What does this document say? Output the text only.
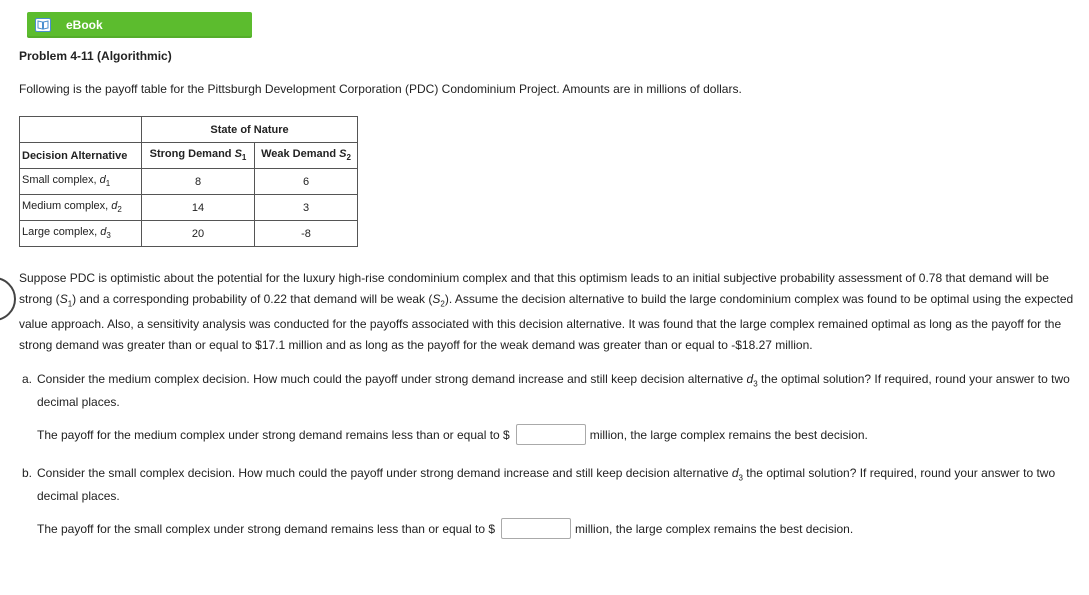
eBook
Problem 4-11 (Algorithmic)
Following is the payoff table for the Pittsburgh Development Corporation (PDC) Condominium Project. Amounts are in millions of dollars.
	State of Nature	
Decision Alternative	Strong Demand $S_1$	Weak Demand $S_2$
Small complex, $d_1$	8	6
Medium complex, $d_2$	14	3
Large complex, $d_3$	20	-8
Suppose PDC is optimistic about the potential for the luxury high-rise condominium complex and that this optimism leads to an initial subjective probability assessment of 0.78 that demand will be strong $(S_1)$ and a corresponding probability of 0.22 that demand will be weak $(S_2)$. Assume the decision alternative to build the large condominium complex was found to be optimal using the expected value approach. Also, a sensitivity analysis was conducted for the payoffs associated with this decision alternative. It was found that the large complex remained optimal as long as the payoff for the strong demand was greater than or equal to $17.1 million and as long as the payoff for the weak demand was greater than or equal to -$18.27 million.
a. Consider the medium complex decision. How much could the payoff under strong demand increase and still keep decision alternative $d_3$ the optimal solution? If required, round your answer to two decimal places.
The payoff for the medium complex under strong demand remains less than or equal to $	million, the large complex remains the best decision.
b. Consider the small complex decision. How much could the payoff under strong demand increase and still keep decision alternative $d_3$ the optimal solution? If required, round your answer to two decimal places.
The payoff for the small complex under strong demand remains less than or equal to $	million, the large complex remains the best decision.
